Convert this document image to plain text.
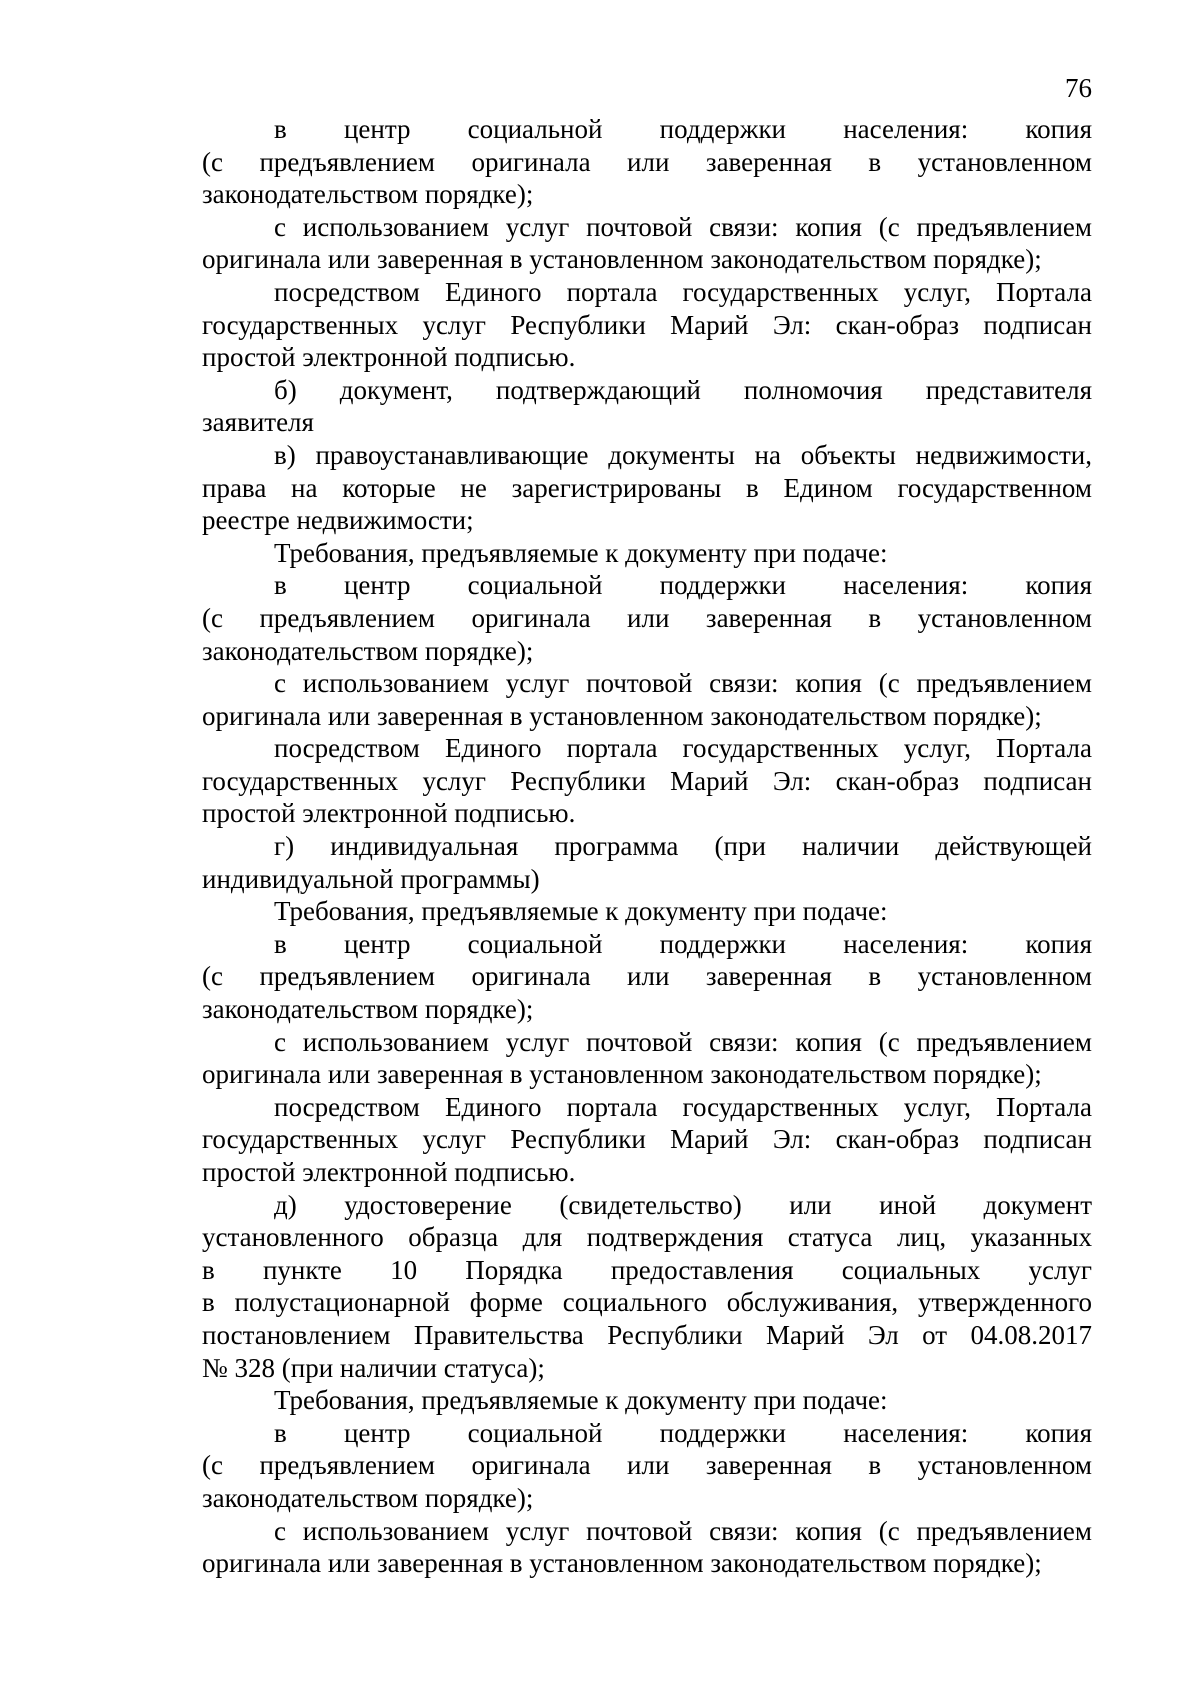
76

в центр социальной поддержки населения: копия
(с предъявлением оригинала или заверенная в установленном
законодательством порядке);
с использованием услуг почтовой связи: копия (с предъявлением
оригинала или заверенная в установленном законодательством порядке);
посредством Единого портала государственных услуг, Портала
государственных услуг Республики Марий Эл: скан-образ подписан
простой электронной подписью.
б) документ, подтверждающий полномочия представителя
заявителя
в) правоустанавливающие документы на объекты недвижимости,
права на которые не зарегистрированы в Едином государственном
реестре недвижимости;
Требования, предъявляемые к документу при подаче:
в центр социальной поддержки населения: копия
(с предъявлением оригинала или заверенная в установленном
законодательством порядке);
с использованием услуг почтовой связи: копия (с предъявлением
оригинала или заверенная в установленном законодательством порядке);
посредством Единого портала государственных услуг, Портала
государственных услуг Республики Марий Эл: скан-образ подписан
простой электронной подписью.
г) индивидуальная программа (при наличии действующей
индивидуальной программы)
Требования, предъявляемые к документу при подаче:
в центр социальной поддержки населения: копия
(с предъявлением оригинала или заверенная в установленном
законодательством порядке);
с использованием услуг почтовой связи: копия (с предъявлением
оригинала или заверенная в установленном законодательством порядке);
посредством Единого портала государственных услуг, Портала
государственных услуг Республики Марий Эл: скан-образ подписан
простой электронной подписью.
д) удостоверение (свидетельство) или иной документ
установленного образца для подтверждения статуса лиц, указанных
в пункте 10 Порядка предоставления социальных услуг
в полустационарной форме социального обслуживания, утвержденного
постановлением Правительства Республики Марий Эл от 04.08.2017
№ 328 (при наличии статуса);
Требования, предъявляемые к документу при подаче:
в центр социальной поддержки населения: копия
(с предъявлением оригинала или заверенная в установленном
законодательством порядке);
с использованием услуг почтовой связи: копия (с предъявлением
оригинала или заверенная в установленном законодательством порядке);
